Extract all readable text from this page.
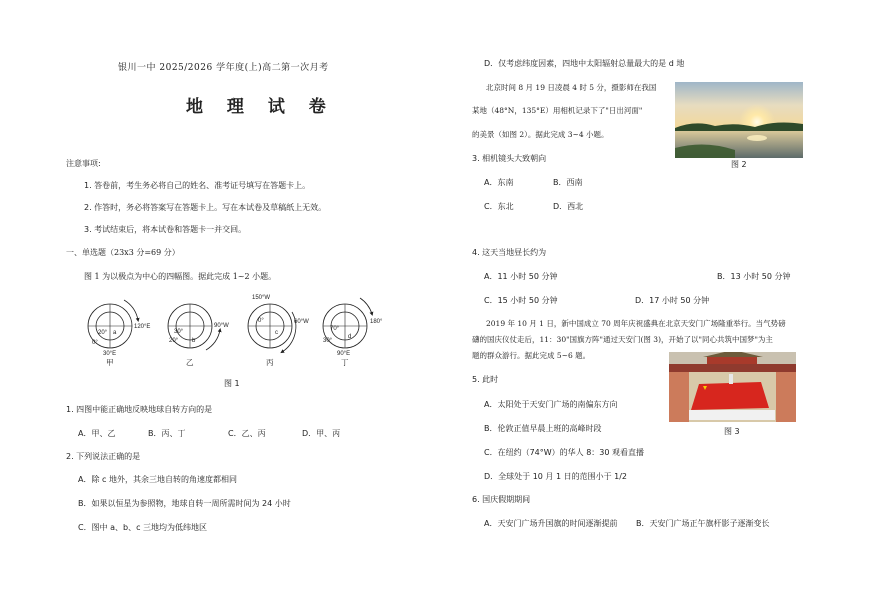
银川一中 2025/2026 学年度(上)高二第一次月考
地 理 试 卷
注意事项:
1. 答卷前，考生务必将自己的姓名、准考证号填写在答题卡上。
2. 作答时，务必将答案写在答题卡上。写在本试卷及草稿纸上无效。
3. 考试结束后，将本试卷和答题卡一并交回。
一、单选题（23x3 分=69 分）
图 1 为以极点为中心的四幅图。据此完成 1~2 小题。
20° a
0°
120°E
30°E
30°
b
20°
90°W
150°W
0°
c
60°W
70°
d
30°
90°E
180°
甲	乙	丙	丁
图 1
1. 四图中能正确地反映地球自转方向的是
A．甲、乙	B．丙、丁	C．乙、丙	D．甲、丙
2. 下列说法正确的是
A．除 c 地外，其余三地自转的角速度都相同
B．如果以恒星为参照物，地球自转一周所需时间为 24 小时
C．图中 a、b、c 三地均为低纬地区
D．仅考虑纬度因素，四地中太阳辐射总量最大的是 d 地
北京时间 8 月 19 日凌晨 4 时 5 分，摄影师在我国
某地（48°N，135°E）用相机记录下了"日出河面"
的美景（如图 2）。据此完成 3~4 小题。
图 2
3. 相机镜头大致朝向
A．东南	B．西南
C．东北	D．西北
4. 这天当地昼长约为
A．11 小时 50 分钟	B．13 小时 50 分钟
C．15 小时 50 分钟	D．17 小时 50 分钟
2019 年 10 月 1 日，新中国成立 70 周年庆祝盛典在北京天安门广场隆重举行。当气势磅
礴的国庆仪仗走后，11：30"国旗方阵"通过天安门(图 3)，开始了以"同心共筑中国梦"为主
题的群众游行。据此完成 5~6 题。
图 3
5. 此时
A．太阳处于天安门广场的南偏东方向
B．伦敦正值早晨上班的高峰时段
C．在纽约（74°W）的华人 8：30 观看直播
D．全球处于 10 月 1 日的范围小于 1/2
6. 国庆假期期间
A．天安门广场升国旗的时间逐渐提前 B．天安门广场正午旗杆影子逐渐变长
